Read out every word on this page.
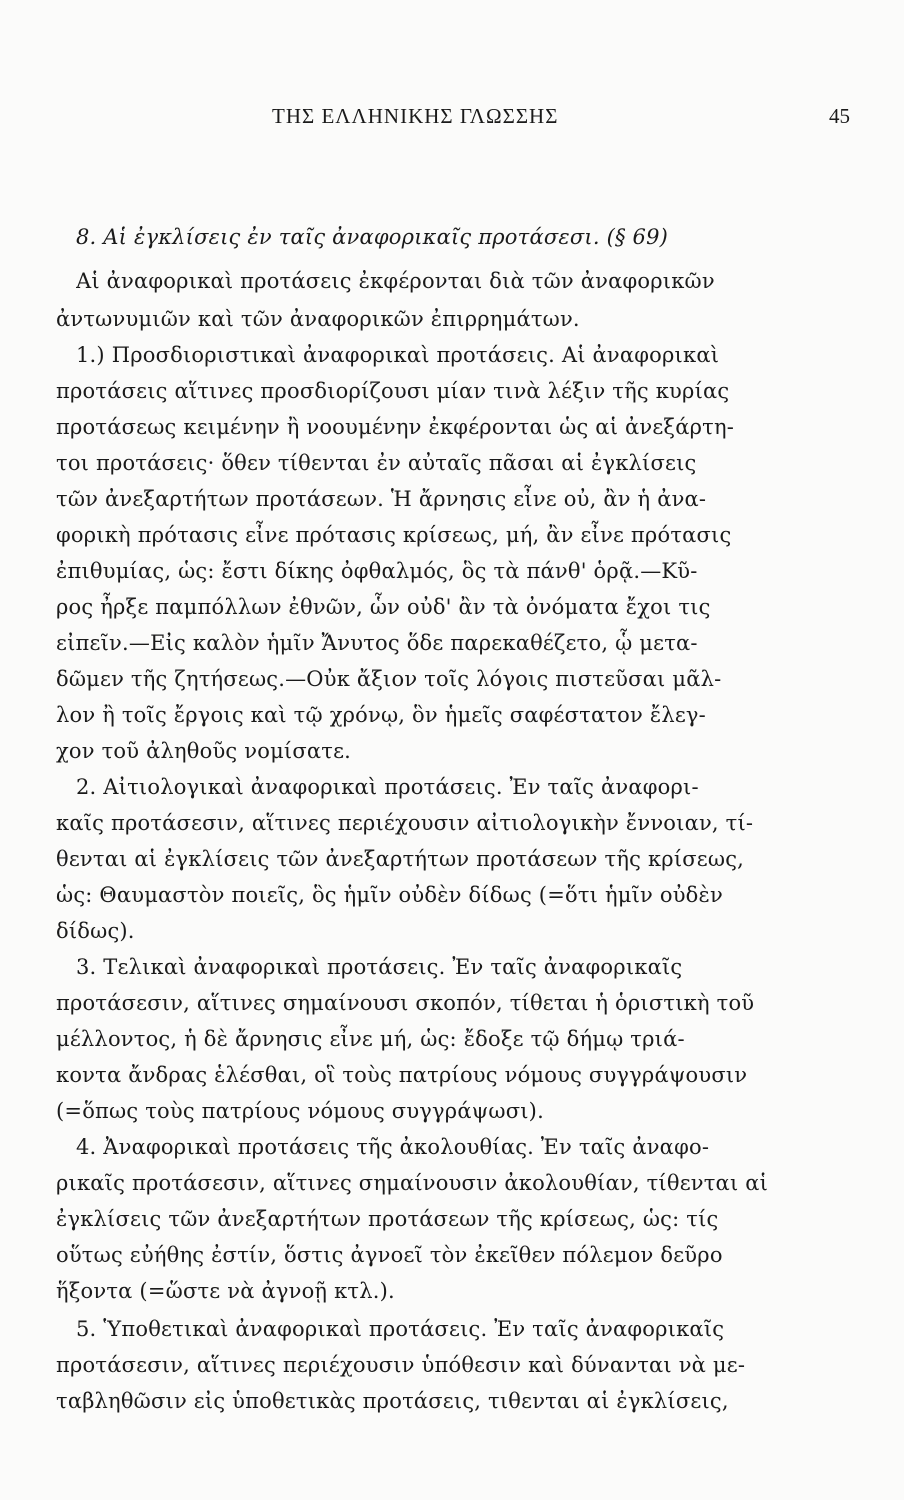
ΤΗΣ ΕΛΛΗΝΙΚΗΣ ΓΛΩΣΣΗΣ	45
8. Αἱ ἐγκλίσεις ἐν ταῖς ἀναφορικαῖς προτάσεσι. (§ 69)
Αἱ ἀναφορικαὶ προτάσεις ἐκφέρονται διὰ τῶν ἀναφορικῶν
ἀντωνυμιῶν καὶ τῶν ἀναφορικῶν ἐπιρρημάτων.
1.) Προσδιοριστικαὶ ἀναφορικαὶ προτάσεις. Αἱ ἀναφορικαὶ
προτάσεις αἵτινες προσδιορίζουσι μίαν τινὰ λέξιν τῆς κυρίας
προτάσεως κειμένην ἢ νοουμένην ἐκφέρονται ὡς αἱ ἀνεξάρτη-
τοι προτάσεις· ὅθεν τίθενται ἐν αὐταῖς πᾶσαι αἱ ἐγκλίσεις
τῶν ἀνεξαρτήτων προτάσεων. Ἡ ἄρνησις εἶνε οὐ, ἂν ἡ ἀνα-
φορικὴ πρότασις εἶνε πρότασις κρίσεως, μή, ἂν εἶνε πρότασις
ἐπιθυμίας, ὡς: ἔστι δίκης ὀφθαλμός, ὃς τὰ πάνθ' ὁρᾷ.—Κῦ-
ρος ἦρξε παμπόλλων ἐθνῶν, ὧν οὐδ' ἂν τὰ ὀνόματα ἔχοι τις
εἰπεῖν.—Εἰς καλὸν ἡμῖν Ἄνυτος ὅδε παρεκαθέζετο, ᾧ μετα-
δῶμεν τῆς ζητήσεως.—Οὐκ ἄξιον τοῖς λόγοις πιστεῦσαι μᾶλ-
λον ἢ τοῖς ἔργοις καὶ τῷ χρόνῳ, ὃν ἡμεῖς σαφέστατον ἔλεγ-
χον τοῦ ἀληθοῦς νομίσατε.
2. Αἰτιολογικαὶ ἀναφορικαὶ προτάσεις. Ἐν ταῖς ἀναφορι-
καῖς προτάσεσιν, αἵτινες περιέχουσιν αἰτιολογικὴν ἔννοιαν, τί-
θενται αἱ ἐγκλίσεις τῶν ἀνεξαρτήτων προτάσεων τῆς κρίσεως,
ὡς: Θαυμαστὸν ποιεῖς, ὃς ἡμῖν οὐδὲν δίδως (=ὅτι ἡμῖν οὐδὲν
δίδως).
3. Τελικαὶ ἀναφορικαὶ προτάσεις. Ἐν ταῖς ἀναφορικαῖς
προτάσεσιν, αἵτινες σημαίνουσι σκοπόν, τίθεται ἡ ὁριστικὴ τοῦ
μέλλοντος, ἡ δὲ ἄρνησις εἶνε μή, ὡς: ἔδοξε τῷ δήμῳ τριά-
κοντα ἄνδρας ἑλέσθαι, οἳ τοὺς πατρίους νόμους συγγράψουσιν
(=ὅπως τοὺς πατρίους νόμους συγγράψωσι).
4. Ἀναφορικαὶ προτάσεις τῆς ἀκολουθίας. Ἐν ταῖς ἀναφο-
ρικαῖς προτάσεσιν, αἵτινες σημαίνουσιν ἀκολουθίαν, τίθενται αἱ
ἐγκλίσεις τῶν ἀνεξαρτήτων προτάσεων τῆς κρίσεως, ὡς: τίς
οὕτως εὐήθης ἐστίν, ὅστις ἀγνοεῖ τὸν ἐκεῖθεν πόλεμον δεῦρο
ἥξοντα (=ὥστε νὰ ἀγνοῇ κτλ.).
5. Ὑποθετικαὶ ἀναφορικαὶ προτάσεις. Ἐν ταῖς ἀναφορικαῖς
προτάσεσιν, αἵτινες περιέχουσιν ὑπόθεσιν καὶ δύνανται νὰ με-
ταβληθῶσιν εἰς ὑποθετικὰς προτάσεις, τιθενται αἱ ἐγκλίσεις,
